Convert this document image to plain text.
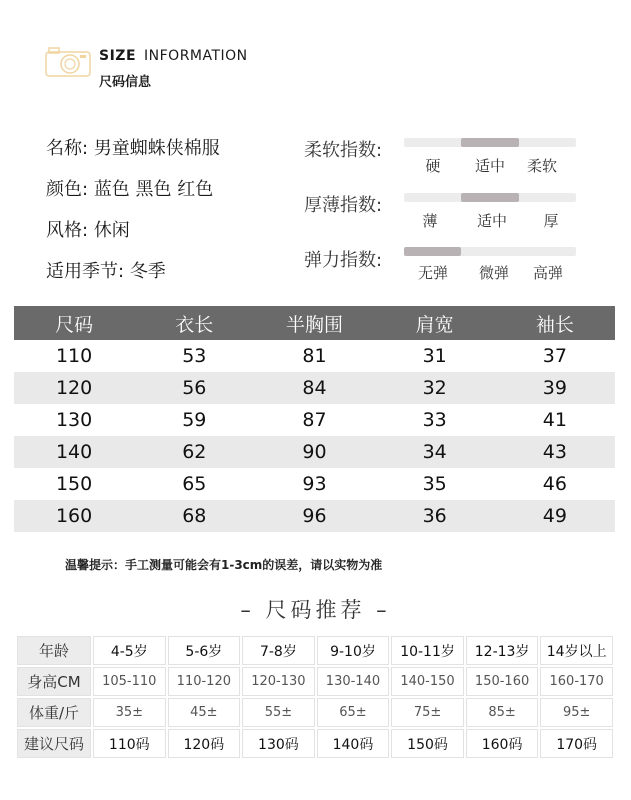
SIZE INFORMATION
尺码信息
名称: 男童蜘蛛侠棉服
颜色: 蓝色 黑色 红色
风格: 休闲
适用季节: 冬季
柔软指数:
硬 适中 柔软
厚薄指数:
薄	适中 厚
弹力指数:
无弹 微弹 高弹
尺码	衣长	半胸围	肩宽	袖长
110	53	81	31	37
120	56	84	32	39
130	59	87	33	41
140	62	90	34	43
150	65	93	35	46
160	68	96	36	49
温馨提示：手工测量可能会有1-3cm的误差，请以实物为准
– 尺码推荐 –
年龄	4-5岁	5-6岁	7-8岁	9-10岁	10-11岁	12-13岁	14岁以上
身高CM	105-110	110-120	120-130	130-140	140-150	150-160	160-170
体重/斤	35±	45±	55±	65±	75±	85±	95±
建议尺码	110码	120码	130码	140码	150码	160码	170码
